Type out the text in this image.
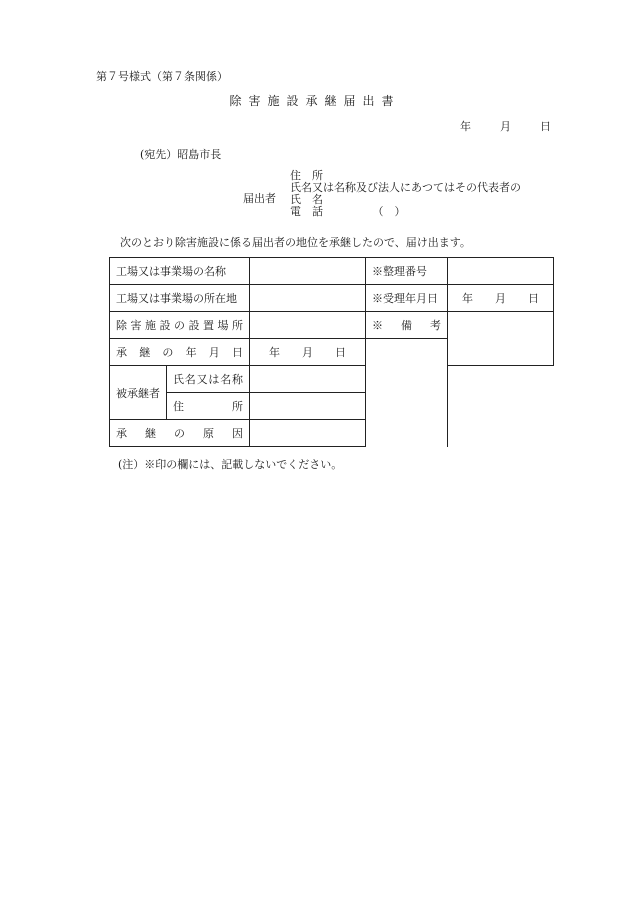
第７号様式（第７条関係）
除害施設承継届出書
年	月	日
(宛先）昭島市長
届出者
住　所
氏名又は名称及び法人にあつてはその代表者の
氏　名
電　話　　　　　（　）
次のとおり除害施設に係る届出者の地位を承継したので、届け出ます。
工場又は事業場の名称			※整理番号	
工場又は事業場の所在地			※受理年月日	年　　月　　日
除害施設の設置場所			※備考	
承継の年月日		年　　月　　日		
被承継者	氏名又は名称			
	住所			
承継の原因				
(注）※印の欄には、記載しないでください。
